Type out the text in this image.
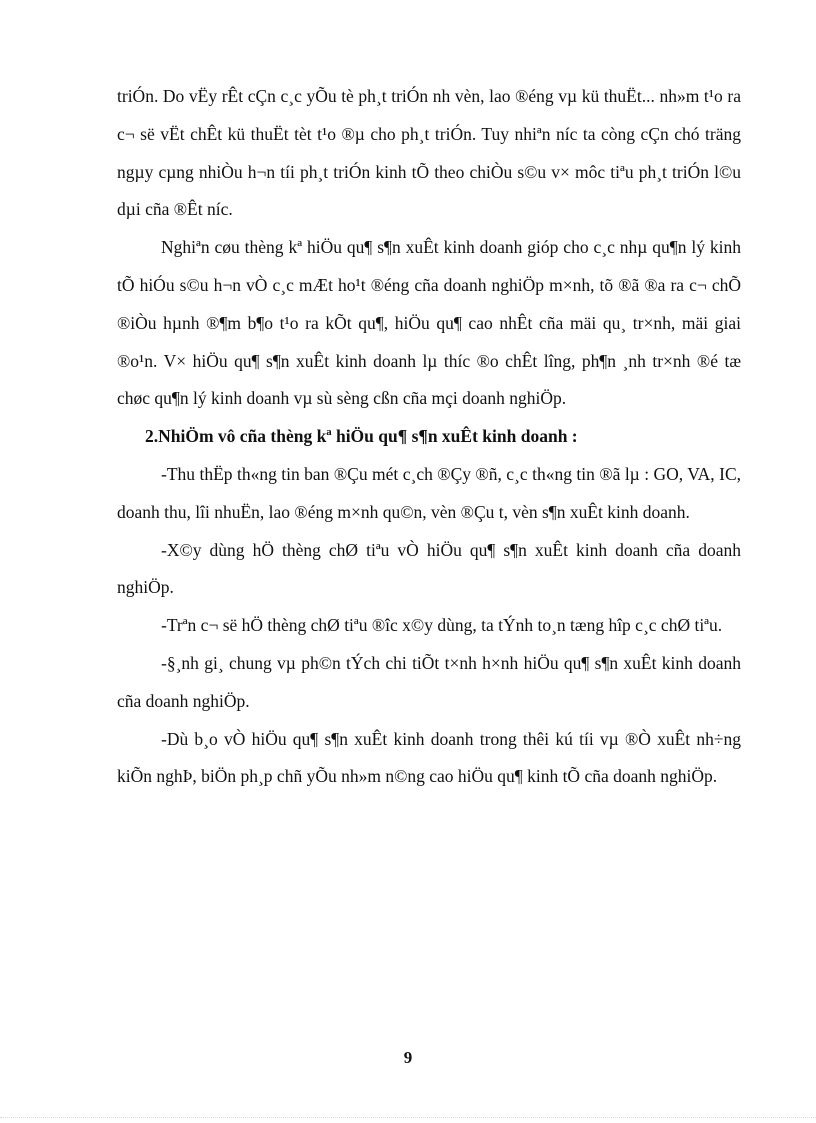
triÓn. Do vËy rÊt cÇn c¸c yÕu tè ph¸t triÓn nh vèn, lao ®éng vµ kü thuËt... nh»m t¹o ra c¬ së vËt chÊt kü thuËt tèt t¹o ®µ cho ph¸t triÓn. Tuy nhiªn níc ta còng cÇn chó träng ngµy cµng nhiÒu h¬n tíi ph¸t triÓn kinh tÕ theo chiÒu s©u v× môc tiªu ph¸t triÓn l©u dµi cña ®Êt níc.

Nghiªn cøu thèng kª hiÖu qu¶ s¶n xuÊt kinh doanh gióp cho c¸c nhµ qu¶n lý kinh tÕ hiÓu s©u h¬n vÒ c¸c mÆt ho¹t ®éng cña doanh nghiÖp m×nh, tõ ®ã ®a ra c¬ chÕ ®iÒu hµnh ®¶m b¶o t¹o ra kÕt qu¶, hiÖu qu¶ cao nhÊt cña mäi qu¸ tr×nh, mäi giai ®o¹n. V× hiÖu qu¶ s¶n xuÊt kinh doanh lµ thíc ®o chÊt lîng, ph¶n ¸nh tr×nh ®é tæ chøc qu¶n lý kinh doanh vµ sù sèng cßn cña mçi doanh nghiÖp.

2.NhiÖm vô cña thèng kª hiÖu qu¶ s¶n xuÊt kinh doanh :

-Thu thËp th«ng tin ban ®Çu mét c¸ch ®Çy ®ñ, c¸c th«ng tin ®ã lµ : GO, VA, IC, doanh thu, lîi nhuËn, lao ®éng m×nh qu©n, vèn ®Çu t, vèn s¶n xuÊt kinh doanh.

-X©y dùng hÖ thèng chØ tiªu vÒ hiÖu qu¶ s¶n xuÊt kinh doanh cña doanh nghiÖp.

-Trªn c¬ së hÖ thèng chØ tiªu ®îc x©y dùng, ta tÝnh to¸n tæng hîp c¸c chØ tiªu.

-§¸nh gi¸ chung vµ ph©n tÝch chi tiÕt t×nh h×nh hiÖu qu¶ s¶n xuÊt kinh doanh cña doanh nghiÖp.

-Dù b¸o vÒ hiÖu qu¶ s¶n xuÊt kinh doanh trong thêi kú tíi vµ ®Ò xuÊt nh÷ng kiÕn nghÞ, biÖn ph¸p chñ yÕu nh»m n©ng cao hiÖu qu¶ kinh tÕ cña doanh nghiÖp.

9
